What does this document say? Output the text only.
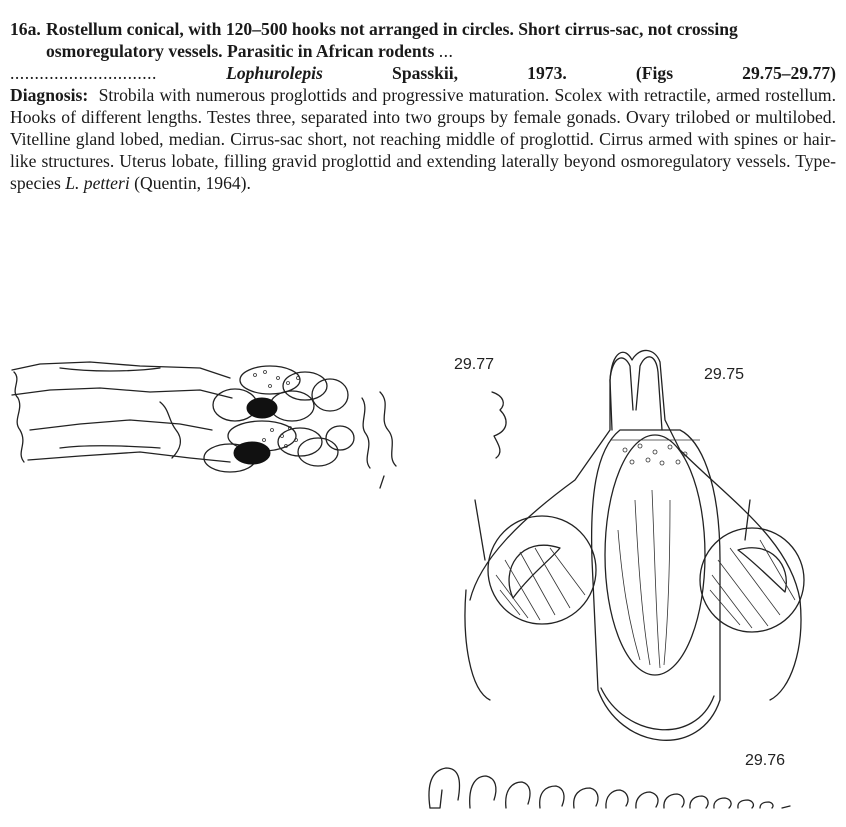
16a. Rostellum conical, with 120–500 hooks not arranged in circles. Short cirrus-sac, not crossing osmoregulatory vessels. Parasitic in African rodents ...
..............................	Lophurolepis	Spasskii, 1973.	(Figs 29.75–29.77)

Diagnosis: Strobila with numerous proglottids and progressive maturation. Scolex with retractile, armed rostellum. Hooks of different lengths. Testes three, separated into two groups by female gonads. Ovary trilobed or multilobed. Vitelline gland lobed, median. Cirrus-sac short, not reaching middle of proglottid. Cirrus armed with spines or hair-like structures. Uterus lobate, filling gravid proglottid and extending laterally beyond osmoregulatory vessels. Type-species L. petteri (Quentin, 1964).

29.77
29.75
29.76
